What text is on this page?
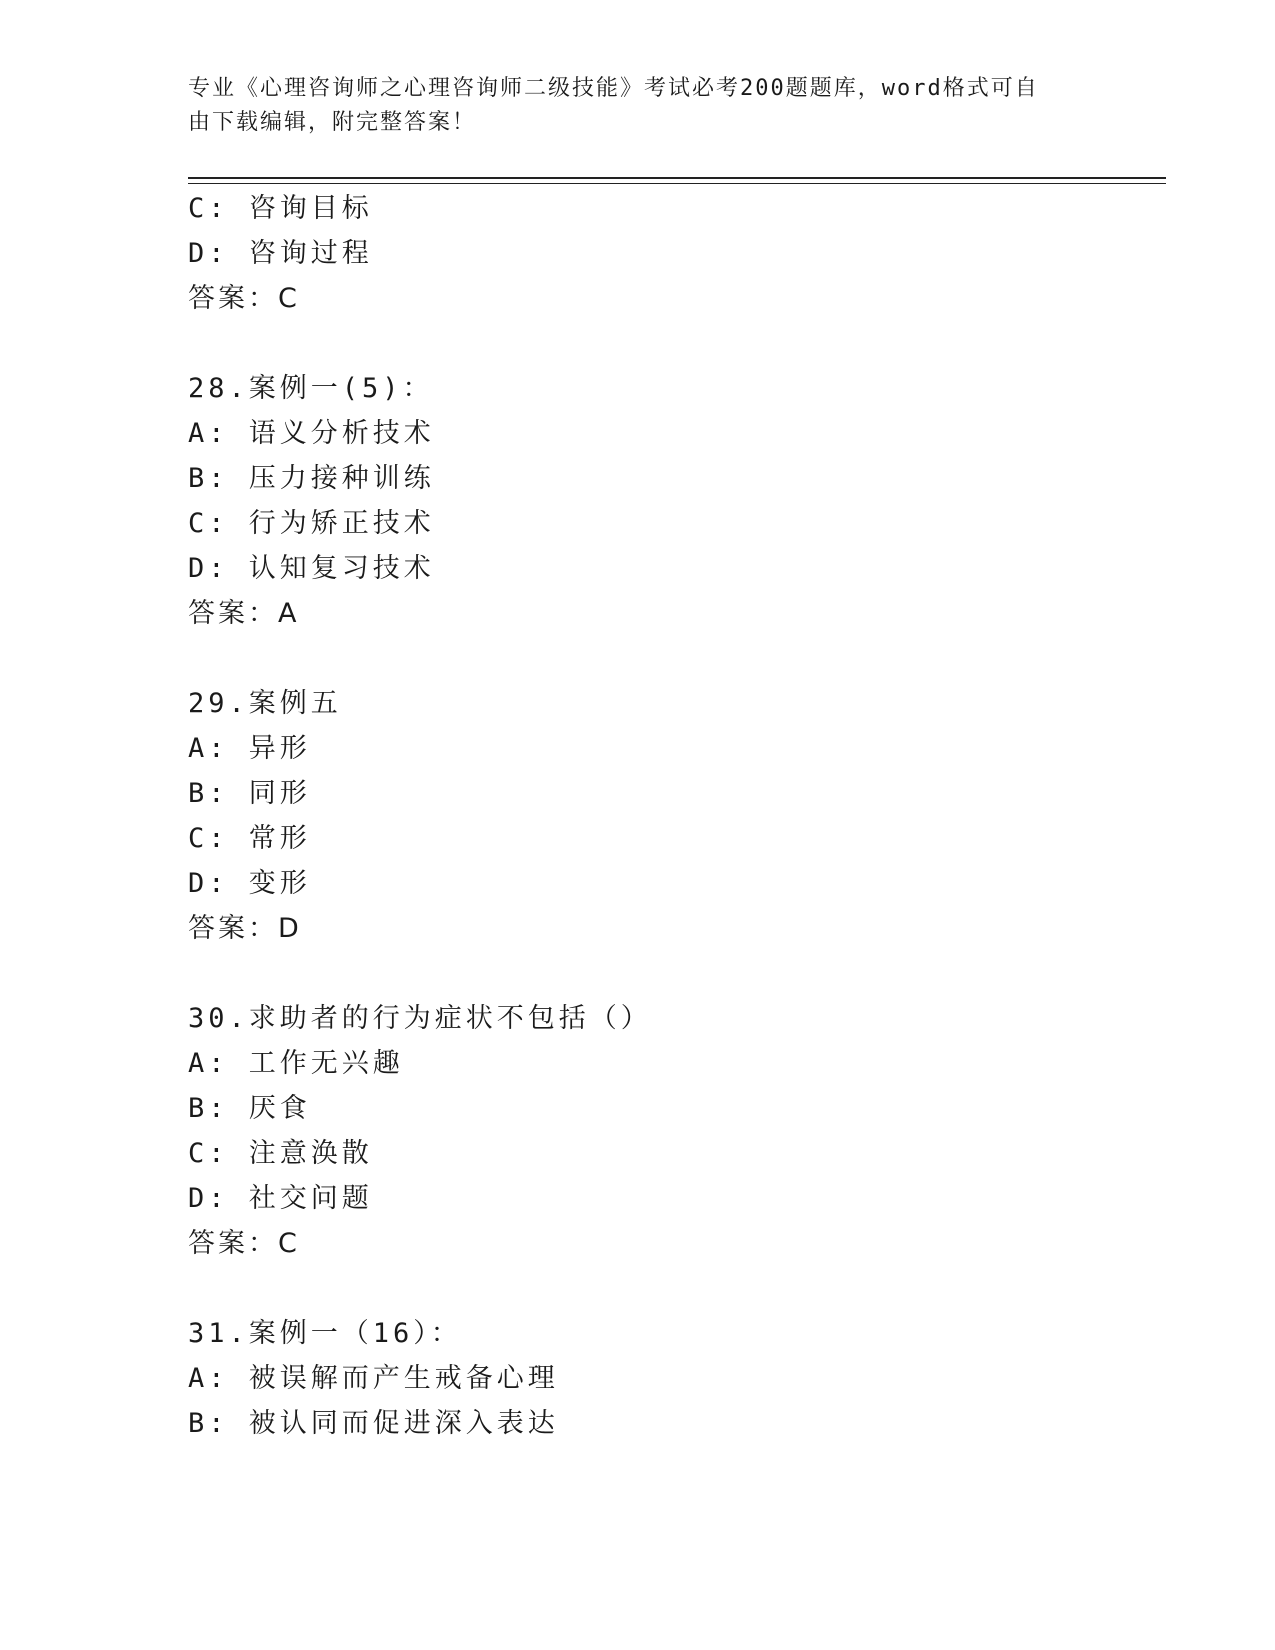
专业《心理咨询师之心理咨询师二级技能》考试必考200题题库，word格式可自
由下载编辑，附完整答案！
C: 咨询目标
D: 咨询过程
答案：C
28.案例一(5)：
A: 语义分析技术
B: 压力接种训练
C: 行为矫正技术
D: 认知复习技术
答案：A
29.案例五
A: 异形
B: 同形
C: 常形
D: 变形
答案：D
30.求助者的行为症状不包括（）
A: 工作无兴趣
B: 厌食
C: 注意涣散
D: 社交问题
答案：C
31.案例一（16）：
A: 被误解而产生戒备心理
B: 被认同而促进深入表达
